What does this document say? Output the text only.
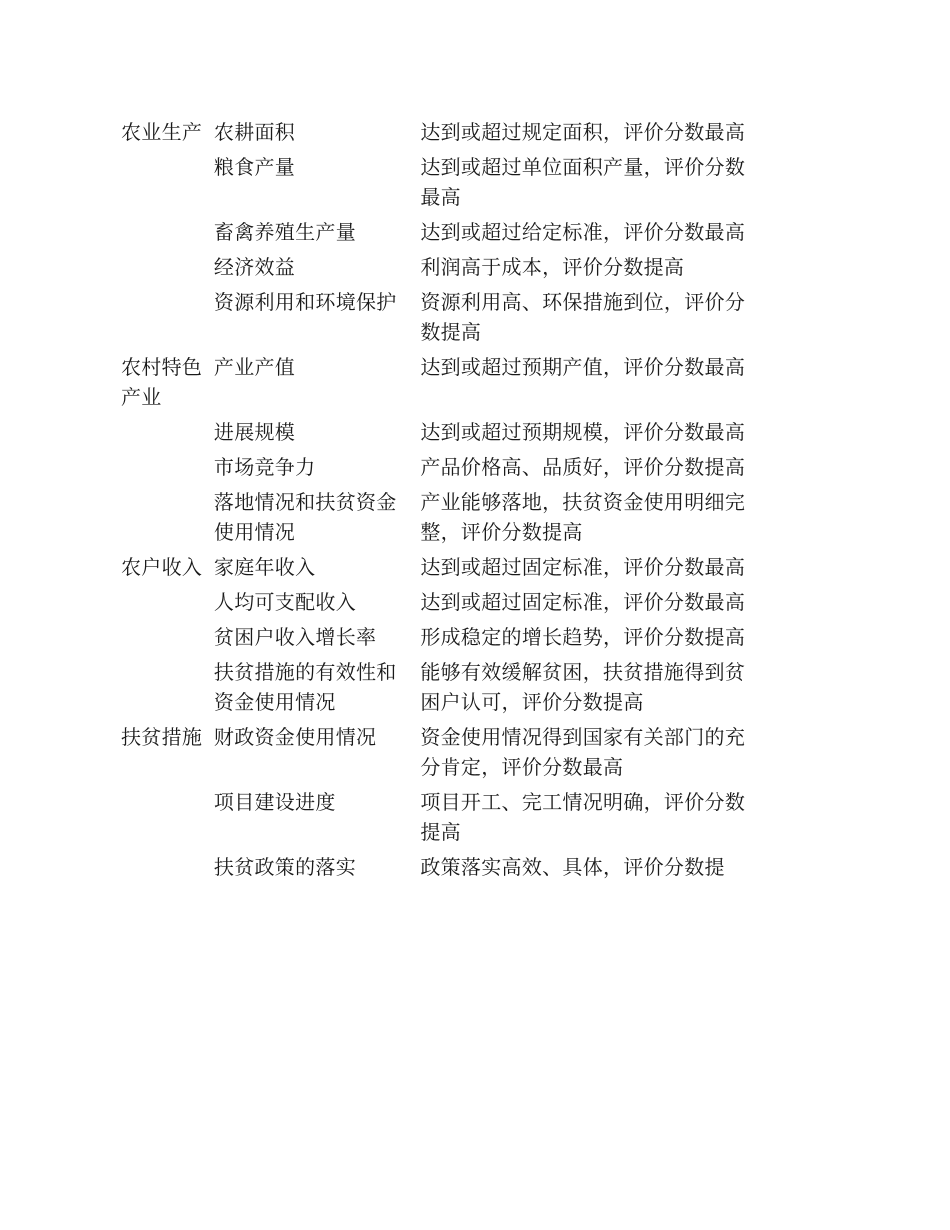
农业生产	农耕面积	达到或超过规定面积，评价分数最高
	粮食产量	达到或超过单位面积产量，评价分数最高
	畜禽养殖生产量	达到或超过给定标准，评价分数最高
	经济效益	利润高于成本，评价分数提高
	资源利用和环境保护	资源利用高、环保措施到位，评价分数提高
农村特色产业	产业产值	达到或超过预期产值，评价分数最高
	进展规模	达到或超过预期规模，评价分数最高
	市场竞争力	产品价格高、品质好，评价分数提高
	落地情况和扶贫资金使用情况	产业能够落地，扶贫资金使用明细完整，评价分数提高
农户收入	家庭年收入	达到或超过固定标准，评价分数最高
	人均可支配收入	达到或超过固定标准，评价分数最高
	贫困户收入增长率	形成稳定的增长趋势，评价分数提高
	扶贫措施的有效性和资金使用情况	能够有效缓解贫困，扶贫措施得到贫困户认可，评价分数提高
扶贫措施	财政资金使用情况	资金使用情况得到国家有关部门的充分肯定，评价分数最高
	项目建设进度	项目开工、完工情况明确，评价分数提高
	扶贫政策的落实	政策落实高效、具体，评价分数提
